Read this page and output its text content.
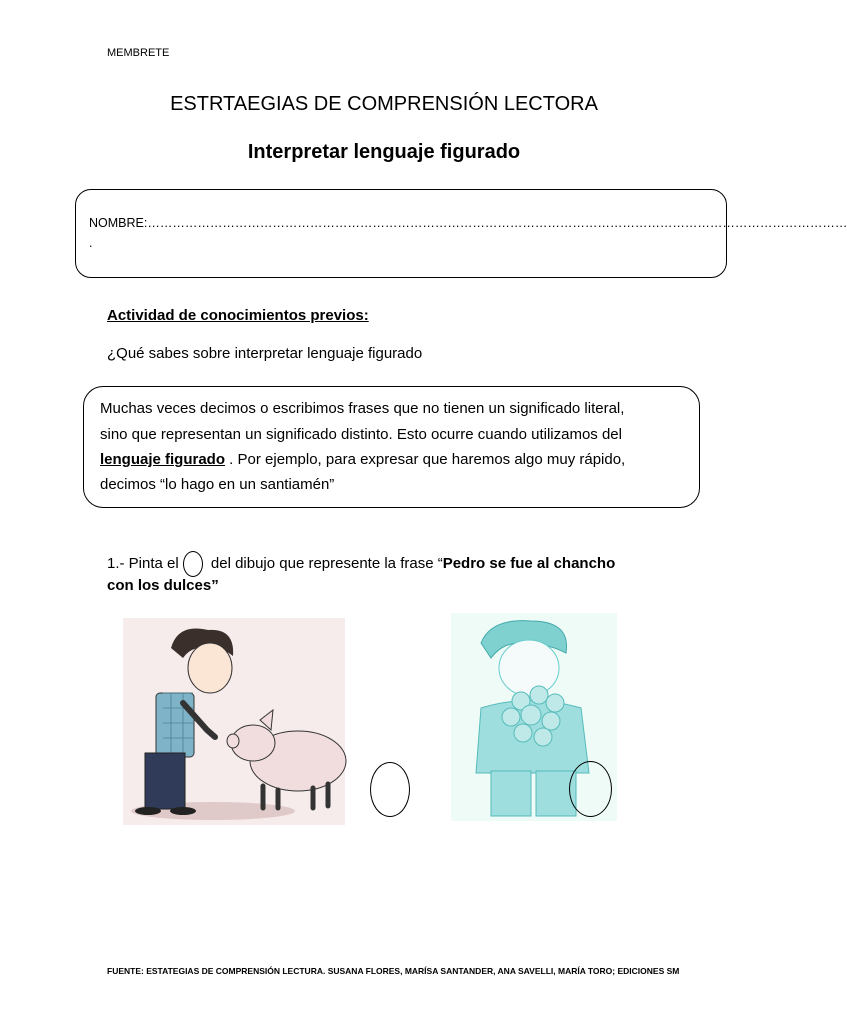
MEMBRETE
ESTRTAEGIAS DE COMPRENSIÓN LECTORA
Interpretar lenguaje figurado
NOMBRE:……………………………………………………………………………………………………………………………………………………
.
Actividad de conocimientos previos:
¿Qué sabes sobre interpretar lenguaje figurado
Muchas veces decimos o escribimos frases que no tienen un significado literal,
sino que representan un significado distinto. Esto ocurre cuando utilizamos del
lenguaje figurado . Por ejemplo, para expresar que haremos algo muy rápido,
decimos “lo hago en un santiamén”
1.- Pinta el del dibujo que represente la frase “Pedro se fue al chancho
con los dulces”
FUENTE: ESTATEGIAS DE COMPRENSIÓN LECTURA. SUSANA FLORES, MARÍSA SANTANDER, ANA SAVELLI, MARÍA TORO; EDICIONES SM
